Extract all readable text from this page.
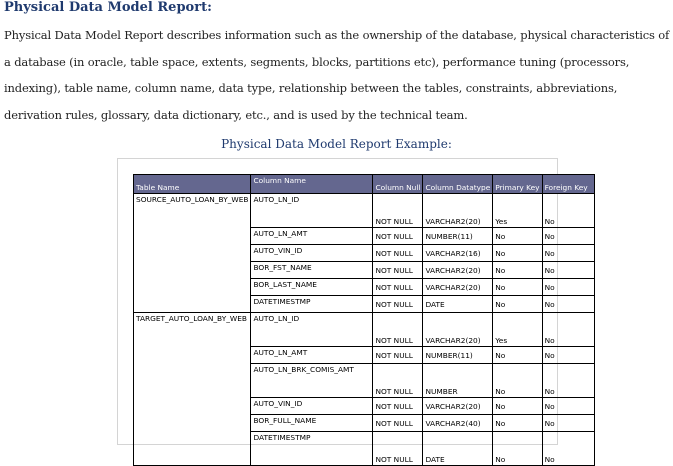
Physical Data Model Report:

Physical Data Model Report describes information such as the ownership of the database, physical characteristics of a database (in oracle, table space, extents, segments, blocks, partitions etc), performance tuning (processors, indexing), table name, column name, data type, relationship between the tables, constraints, abbreviations, derivation rules, glossary, data dictionary, etc., and is used by the technical team.

Physical Data Model Report Example:
Table Name	Column Name	Column Null	Column Datatype	Primary Key	Foreign Key
SOURCE_AUTO_LOAN_BY_WEB	AUTO_LN_ID	NOT NULL	VARCHAR2(20)	Yes	No
	AUTO_LN_AMT	NOT NULL	NUMBER(11)	No	No
	AUTO_VIN_ID	NOT NULL	VARCHAR2(16)	No	No
	BOR_FST_NAME	NOT NULL	VARCHAR2(20)	No	No
	BOR_LAST_NAME	NOT NULL	VARCHAR2(20)	No	No
	DATETIMESTMP	NOT NULL	DATE	No	No
TARGET_AUTO_LOAN_BY_WEB	AUTO_LN_ID	NOT NULL	VARCHAR2(20)	Yes	No
	AUTO_LN_AMT	NOT NULL	NUMBER(11)	No	No
	AUTO_LN_BRK_COMIS_AMT	NOT NULL	NUMBER	No	No
	AUTO_VIN_ID	NOT NULL	VARCHAR2(20)	No	No
	BOR_FULL_NAME	NOT NULL	VARCHAR2(40)	No	No
	DATETIMESTMP	NOT NULL	DATE	No	No
